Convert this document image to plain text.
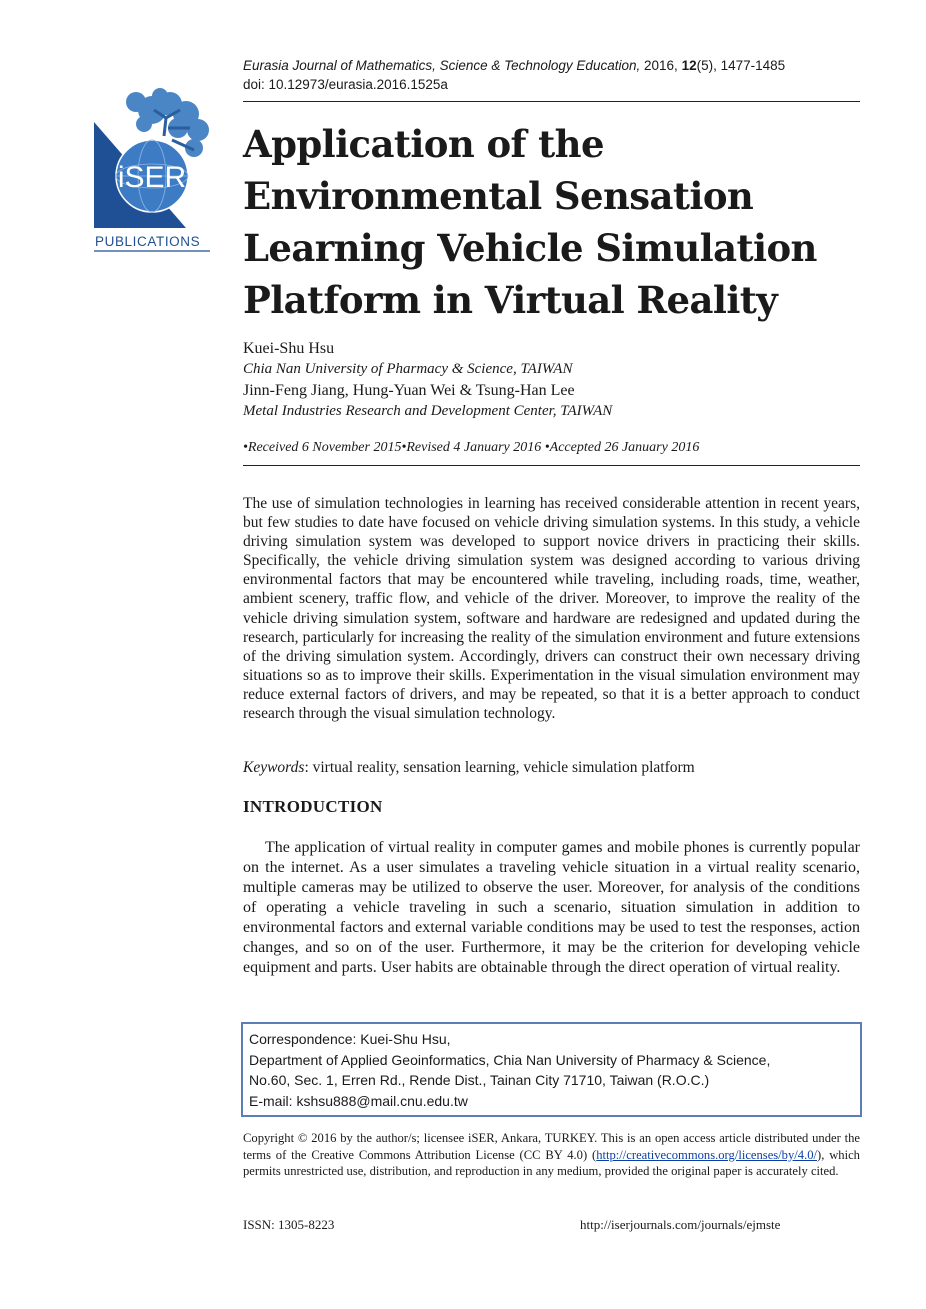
iSER
PUBLICATIONS
Eurasia Journal of Mathematics, Science & Technology Education, 2016, 12(5), 1477-1485
doi: 10.12973/eurasia.2016.1525a
Application of the Environmental Sensation Learning Vehicle Simulation Platform in Virtual Reality
Kuei-Shu Hsu
Chia Nan University of Pharmacy & Science, TAIWAN
Jinn-Feng Jiang, Hung-Yuan Wei & Tsung-Han Lee
Metal Industries Research and Development Center, TAIWAN
•Received 6 November 2015•Revised 4 January 2016 •Accepted 26 January 2016

The use of simulation technologies in learning has received considerable attention in recent years, but few studies to date have focused on vehicle driving simulation systems. In this study, a vehicle driving simulation system was developed to support novice drivers in practicing their skills. Specifically, the vehicle driving simulation system was designed according to various driving environmental factors that may be encountered while traveling, including roads, time, weather, ambient scenery, traffic flow, and vehicle of the driver. Moreover, to improve the reality of the vehicle driving simulation system, software and hardware are redesigned and updated during the research, particularly for increasing the reality of the simulation environment and future extensions of the driving simulation system. Accordingly, drivers can construct their own necessary driving situations so as to improve their skills. Experimentation in the visual simulation environment may reduce external factors of drivers, and may be repeated, so that it is a better approach to conduct research through the visual simulation technology.

Keywords: virtual reality, sensation learning, vehicle simulation platform
INTRODUCTION

The application of virtual reality in computer games and mobile phones is currently popular on the internet. As a user simulates a traveling vehicle situation in a virtual reality scenario, multiple cameras may be utilized to observe the user. Moreover, for analysis of the conditions of operating a vehicle traveling in such a scenario, situation simulation in addition to environmental factors and external variable conditions may be used to test the responses, action changes, and so on of the user. Furthermore, it may be the criterion for developing vehicle equipment and parts. User habits are obtainable through the direct operation of virtual reality.

Correspondence: Kuei-Shu Hsu,
Department of Applied Geoinformatics, Chia Nan University of Pharmacy & Science,
No.60, Sec. 1, Erren Rd., Rende Dist., Tainan City 71710, Taiwan (R.O.C.)
E-mail: kshsu888@mail.cnu.edu.tw

Copyright © 2016 by the author/s; licensee iSER, Ankara, TURKEY. This is an open access article distributed under the terms of the Creative Commons Attribution License (CC BY 4.0) (http://creativecommons.org/licenses/by/4.0/), which permits unrestricted use, distribution, and reproduction in any medium, provided the original paper is accurately cited.

ISSN: 1305-8223	http://iserjournals.com/journals/ejmste
